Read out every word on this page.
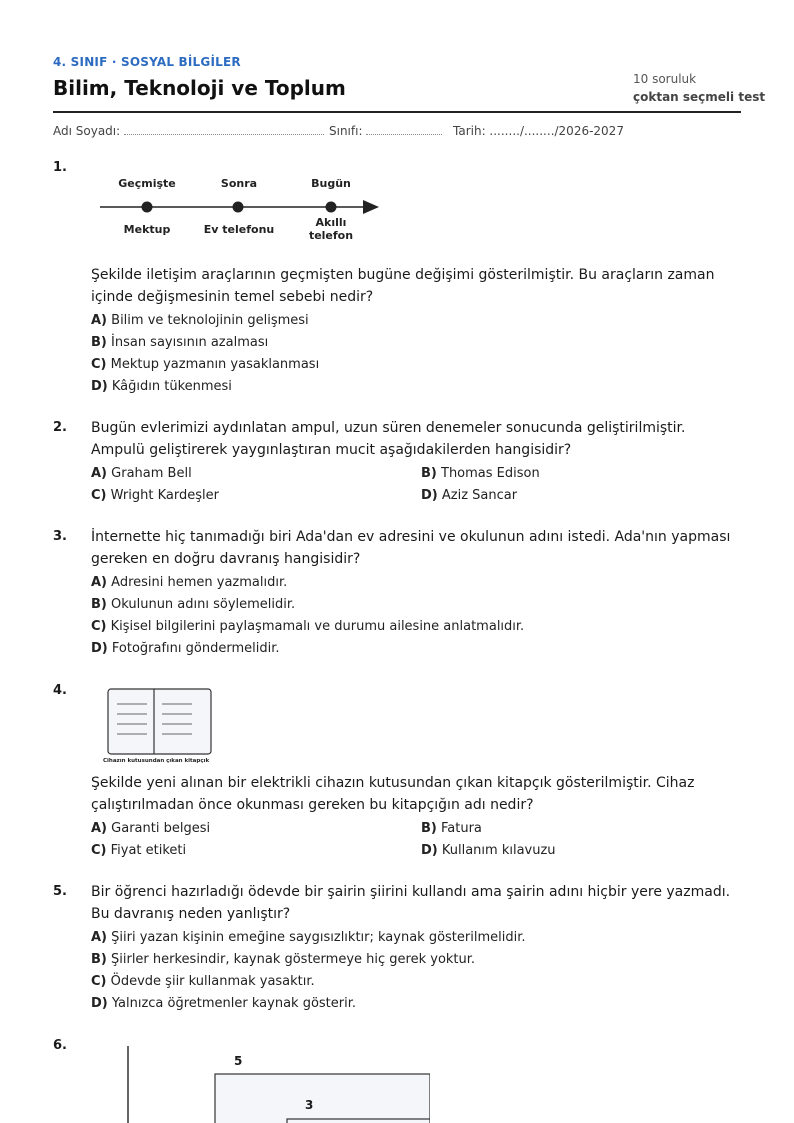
4. SINIF · SOSYAL BİLGİLER
Bilim, Teknoloji ve Toplum	10 soruluk
çoktan seçmeli test
Adı Soyadı:	Sınıfı:	Tarih: ......../......../2026-2027
1.
Geçmişte	Sonra	Bugün
Mektup	Ev telefonu
Akıllı telefon
Şekilde iletişim araçlarının geçmişten bugüne değişimi gösterilmiştir. Bu araçların zaman içinde değişmesinin temel sebebi nedir?
A) Bilim ve teknolojinin gelişmesi
B) İnsan sayısının azalması
C) Mektup yazmanın yasaklanması
D) Kâğıdın tükenmesi
2. Bugün evlerimizi aydınlatan ampul, uzun süren denemeler sonucunda geliştirilmiştir. Ampulü geliştirerek yaygınlaştıran mucit aşağıdakilerden hangisidir?
A) Graham Bell	B) Thomas Edison
C) Wright Kardeşler	D) Aziz Sancar
3. İnternette hiç tanımadığı biri Ada'dan ev adresini ve okulunun adını istedi. Ada'nın yapması gereken en doğru davranış hangisidir?
A) Adresini hemen yazmalıdır.
B) Okulunun adını söylemelidir.
C) Kişisel bilgilerini paylaşmamalı ve durumu ailesine anlatmalıdır.
D) Fotoğrafını göndermelidir.
4.
Cihazın kutusundan çıkan kitapçık
Şekilde yeni alınan bir elektrikli cihazın kutusundan çıkan kitapçık gösterilmiştir. Cihaz çalıştırılmadan önce okunması gereken bu kitapçığın adı nedir?
A) Garanti belgesi	B) Fatura
C) Fiyat etiketi	D) Kullanım kılavuzu
5. Bir öğrenci hazırladığı ödevde bir şairin şiirini kullandı ama şairin adını hiçbir yere yazmadı. Bu davranış neden yanlıştır?
A) Şiiri yazan kişinin emeğine saygısızlıktır; kaynak gösterilmelidir.
B) Şiirler herkesindir, kaynak göstermeye hiç gerek yoktur.
C) Ödevde şiir kullanmak yasaktır.
D) Yalnızca öğretmenler kaynak gösterir.
6.
5
3
